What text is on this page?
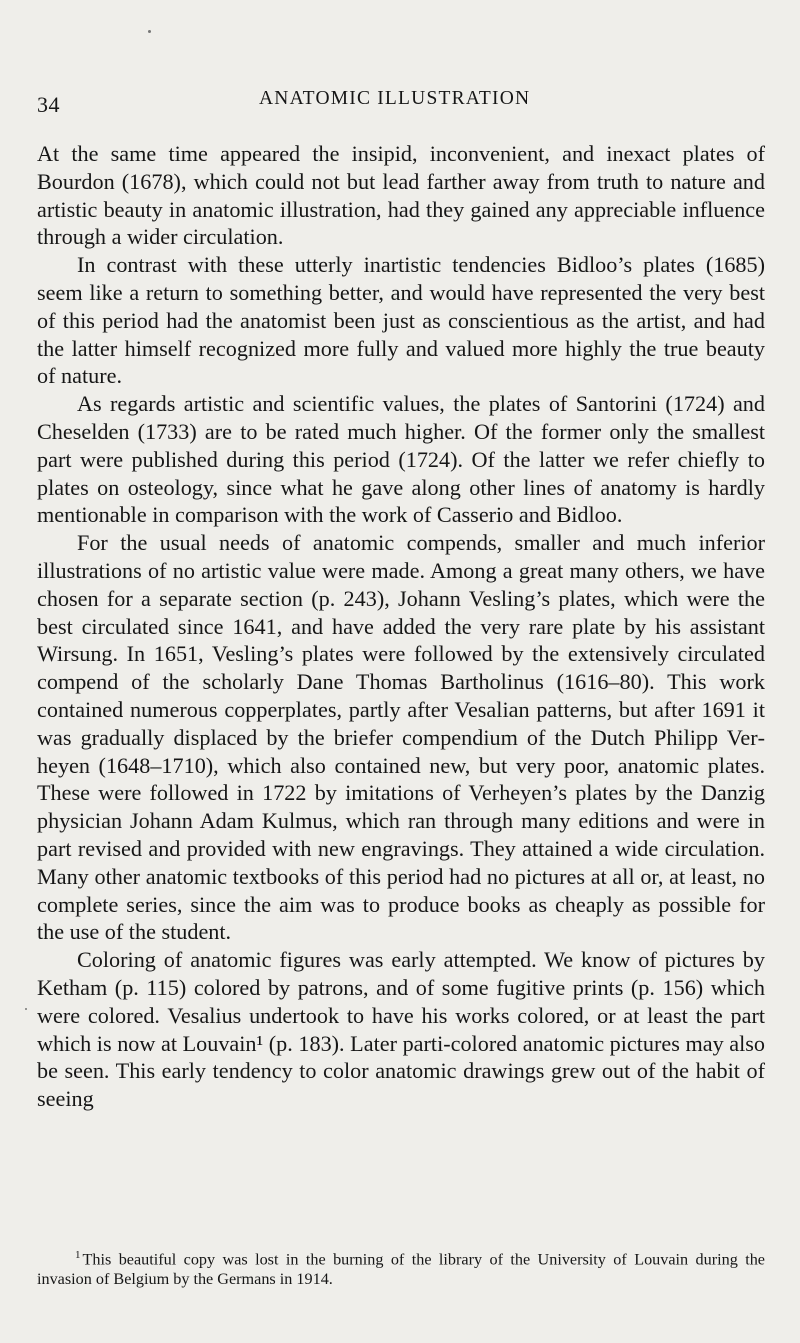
34	ANATOMIC ILLUSTRATION

At the same time appeared the insipid, inconvenient, and inexact plates of Bourdon (1678), which could not but lead farther away from truth to nature and artistic beauty in anatomic illustration, had they gained any appreciable influence through a wider circulation.

In contrast with these utterly inartistic tendencies Bidloo’s plates (1685) seem like a return to something better, and would have represented the very best of this period had the anatomist been just as conscientious as the artist, and had the latter himself recognized more fully and valued more highly the true beauty of nature.

As regards artistic and scientific values, the plates of Santorini (1724) and Cheselden (1733) are to be rated much higher. Of the former only the smallest part were published during this period (1724). Of the latter we refer chiefly to plates on osteology, since what he gave along other lines of anatomy is hardly mentionable in comparison with the work of Casserio and Bidloo.

For the usual needs of anatomic compends, smaller and much inferior illustrations of no artistic value were made. Among a great many others, we have chosen for a separate section (p. 243), Johann Vesling’s plates, which were the best circulated since 1641, and have added the very rare plate by his assistant Wirsung. In 1651, Vesling’s plates were followed by the extensively circulated compend of the scholarly Dane Thomas Bartholinus (1616–80). This work contained numerous copperplates, partly after Vesalian patterns, but after 1691 it was gradually displaced by the briefer compendium of the Dutch Philipp Verheyen (1648–1710), which also contained new, but very poor, anatomic plates. These were followed in 1722 by imitations of Verheyen’s plates by the Danzig physician Johann Adam Kulmus, which ran through many editions and were in part revised and provided with new engravings. They attained a wide circulation. Many other anatomic textbooks of this period had no pictures at all or, at least, no complete series, since the aim was to produce books as cheaply as possible for the use of the student.

Coloring of anatomic figures was early attempted. We know of pictures by Ketham (p. 115) colored by patrons, and of some fugitive prints (p. 156) which were colored. Vesalius undertook to have his works colored, or at least the part which is now at Louvain¹ (p. 183). Later parti-colored anatomic pictures may also be seen. This early tendency to color anatomic drawings grew out of the habit of seeing

$^1$ This beautiful copy was lost in the burning of the library of the University of Louvain during the invasion of Belgium by the Germans in 1914.
